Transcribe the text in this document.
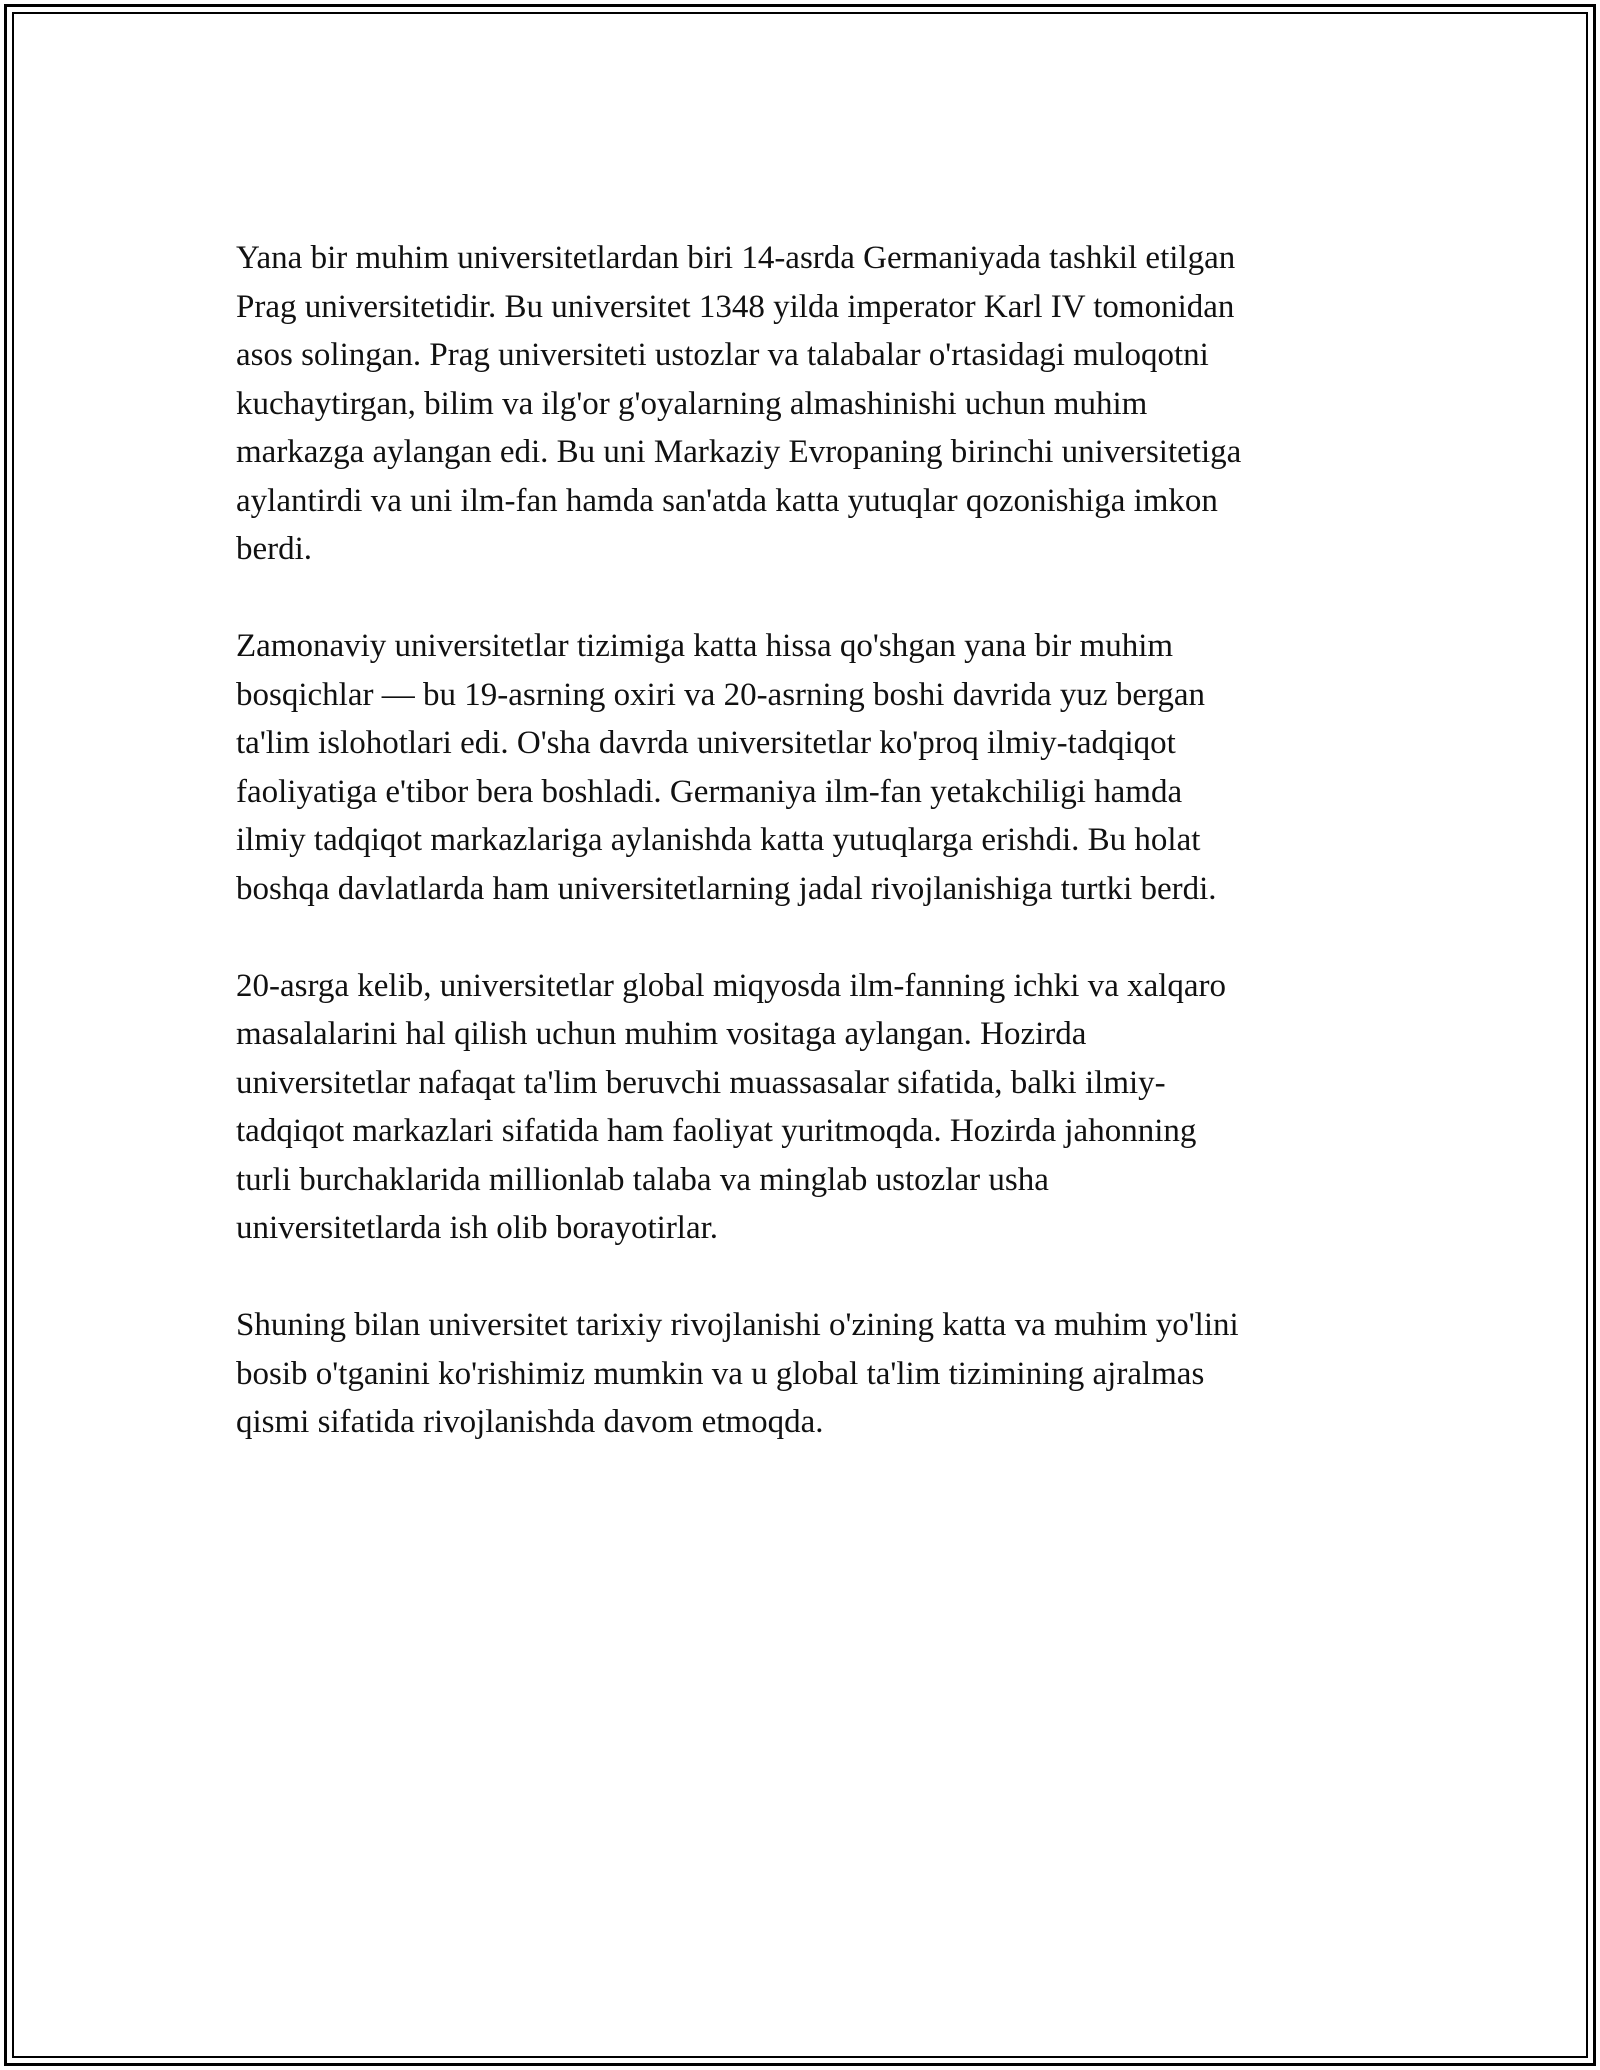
Yana bir muhim universitetlardan biri 14-asrda Germaniyada tashkil etilgan
Prag universitetidir. Bu universitet 1348 yilda imperator Karl IV tomonidan
asos solingan. Prag universiteti ustozlar va talabalar o'rtasidagi muloqotni
kuchaytirgan, bilim va ilg'or g'oyalarning almashinishi uchun muhim
markazga aylangan edi. Bu uni Markaziy Evropaning birinchi universitetiga
aylantirdi va uni ilm-fan hamda san'atda katta yutuqlar qozonishiga imkon
berdi.

Zamonaviy universitetlar tizimiga katta hissa qo'shgan yana bir muhim
bosqichlar — bu 19-asrning oxiri va 20-asrning boshi davrida yuz bergan
ta'lim islohotlari edi. O'sha davrda universitetlar ko'proq ilmiy-tadqiqot
faoliyatiga e'tibor bera boshladi. Germaniya ilm-fan yetakchiligi hamda
ilmiy tadqiqot markazlariga aylanishda katta yutuqlarga erishdi. Bu holat
boshqa davlatlarda ham universitetlarning jadal rivojlanishiga turtki berdi.

20-asrga kelib, universitetlar global miqyosda ilm-fanning ichki va xalqaro
masalalarini hal qilish uchun muhim vositaga aylangan. Hozirda
universitetlar nafaqat ta'lim beruvchi muassasalar sifatida, balki ilmiy-
tadqiqot markazlari sifatida ham faoliyat yuritmoqda. Hozirda jahonning
turli burchaklarida millionlab talaba va minglab ustozlar usha
universitetlarda ish olib borayotirlar.

Shuning bilan universitet tarixiy rivojlanishi o'zining katta va muhim yo'lini
bosib o'tganini ko'rishimiz mumkin va u global ta'lim tizimining ajralmas
qismi sifatida rivojlanishda davom etmoqda.
